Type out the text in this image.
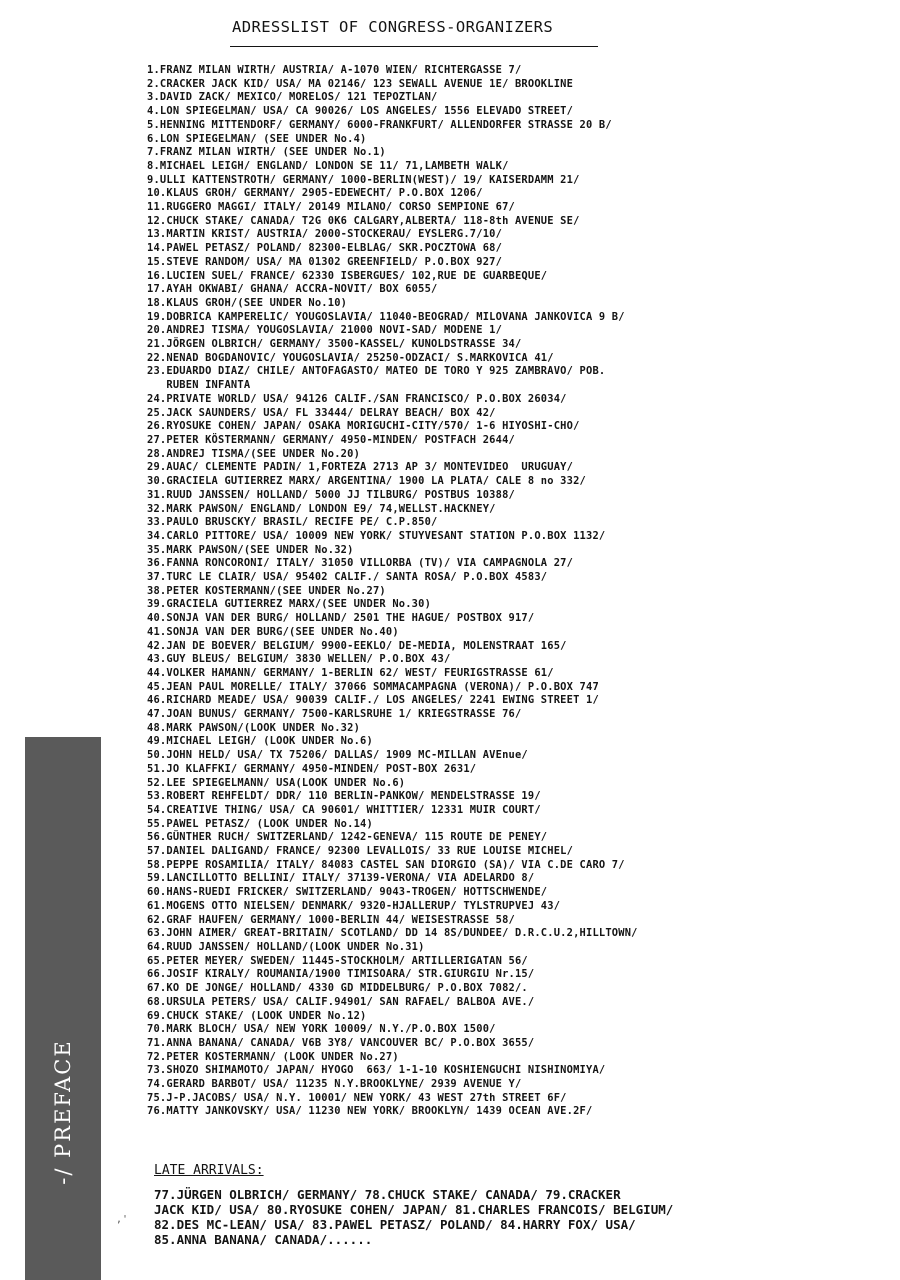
ADRESSLIST OF CONGRESS-ORGANIZERS
1.FRANZ MILAN WIRTH/ AUSTRIA/ A-1070 WIEN/ RICHTERGASSE 7/
2.CRACKER JACK KID/ USA/ MA 02146/ 123 SEWALL AVENUE 1E/ BROOKLINE
3.DAVID ZACK/ MEXICO/ MORELOS/ 121 TEPOZTLAN/
4.LON SPIEGELMAN/ USA/ CA 90026/ LOS ANGELES/ 1556 ELEVADO STREET/
5.HENNING MITTENDORF/ GERMANY/ 6000-FRANKFURT/ ALLENDORFER STRASSE 20 B/
6.LON SPIEGELMAN/ (SEE UNDER No.4)
7.FRANZ MILAN WIRTH/ (SEE UNDER No.1)
8.MICHAEL LEIGH/ ENGLAND/ LONDON SE 11/ 71,LAMBETH WALK/
9.ULLI KATTENSTROTH/ GERMANY/ 1000-BERLIN(WEST)/ 19/ KAISERDAMM 21/
10.KLAUS GROH/ GERMANY/ 2905-EDEWECHT/ P.O.BOX 1206/
11.RUGGERO MAGGI/ ITALY/ 20149 MILANO/ CORSO SEMPIONE 67/
12.CHUCK STAKE/ CANADA/ T2G 0K6 CALGARY,ALBERTA/ 118-8th AVENUE SE/
13.MARTIN KRIST/ AUSTRIA/ 2000-STOCKERAU/ EYSLERG.7/10/
14.PAWEL PETASZ/ POLAND/ 82300-ELBLAG/ SKR.POCZTOWA 68/
15.STEVE RANDOM/ USA/ MA 01302 GREENFIELD/ P.O.BOX 927/
16.LUCIEN SUEL/ FRANCE/ 62330 ISBERGUES/ 102,RUE DE GUARBEQUE/
17.AYAH OKWABI/ GHANA/ ACCRA-NOVIT/ BOX 6055/
18.KLAUS GROH/(SEE UNDER No.10)
19.DOBRICA KAMPERELIC/ YOUGOSLAVIA/ 11040-BEOGRAD/ MILOVANA JANKOVICA 9 B/
20.ANDREJ TISMA/ YOUGOSLAVIA/ 21000 NOVI-SAD/ MODENE 1/
21.JÖRGEN OLBRICH/ GERMANY/ 3500-KASSEL/ KUNOLDSTRASSE 34/
22.NENAD BOGDANOVIC/ YOUGOSLAVIA/ 25250-ODZACI/ S.MARKOVICA 41/
23.EDUARDO DIAZ/ CHILE/ ANTOFAGASTO/ MATEO DE TORO Y 925 ZAMBRAVO/ POB.
RUBEN INFANTA
24.PRIVATE WORLD/ USA/ 94126 CALIF./SAN FRANCISCO/ P.O.BOX 26034/
25.JACK SAUNDERS/ USA/ FL 33444/ DELRAY BEACH/ BOX 42/
26.RYOSUKE COHEN/ JAPAN/ OSAKA MORIGUCHI-CITY/570/ 1-6 HIYOSHI-CHO/
27.PETER KÖSTERMANN/ GERMANY/ 4950-MINDEN/ POSTFACH 2644/
28.ANDREJ TISMA/(SEE UNDER No.20)
29.AUAC/ CLEMENTE PADIN/ 1,FORTEZA 2713 AP 3/ MONTEVIDEO  URUGUAY/
30.GRACIELA GUTIERREZ MARX/ ARGENTINA/ 1900 LA PLATA/ CALE 8 no 332/
31.RUUD JANSSEN/ HOLLAND/ 5000 JJ TILBURG/ POSTBUS 10388/
32.MARK PAWSON/ ENGLAND/ LONDON E9/ 74,WELLST.HACKNEY/
33.PAULO BRUSCKY/ BRASIL/ RECIFE PE/ C.P.850/
34.CARLO PITTORE/ USA/ 10009 NEW YORK/ STUYVESANT STATION P.O.BOX 1132/
35.MARK PAWSON/(SEE UNDER No.32)
36.FANNA RONCORONI/ ITALY/ 31050 VILLORBA (TV)/ VIA CAMPAGNOLA 27/
37.TURC LE CLAIR/ USA/ 95402 CALIF./ SANTA ROSA/ P.O.BOX 4583/
38.PETER KOSTERMANN/(SEE UNDER No.27)
39.GRACIELA GUTIERREZ MARX/(SEE UNDER No.30)
40.SONJA VAN DER BURG/ HOLLAND/ 2501 THE HAGUE/ POSTBOX 917/
41.SONJA VAN DER BURG/(SEE UNDER No.40)
42.JAN DE BOEVER/ BELGIUM/ 9900-EEKLO/ DE-MEDIA, MOLENSTRAAT 165/
43.GUY BLEUS/ BELGIUM/ 3830 WELLEN/ P.O.BOX 43/
44.VOLKER HAMANN/ GERMANY/ 1-BERLIN 62/ WEST/ FEURIGSTRASSE 61/
45.JEAN PAUL MORELLE/ ITALY/ 37066 SOMMACAMPAGNA (VERONA)/ P.O.BOX 747
46.RICHARD MEADE/ USA/ 90039 CALIF./ LOS ANGELES/ 2241 EWING STREET 1/
47.JOAN BUNUS/ GERMANY/ 7500-KARLSRUHE 1/ KRIEGSTRASSE 76/
48.MARK PAWSON/(LOOK UNDER No.32)
49.MICHAEL LEIGH/ (LOOK UNDER No.6)
50.JOHN HELD/ USA/ TX 75206/ DALLAS/ 1909 MC-MILLAN AVEnue/
51.JO KLAFFKI/ GERMANY/ 4950-MINDEN/ POST-BOX 2631/
52.LEE SPIEGELMANN/ USA(LOOK UNDER No.6)
53.ROBERT REHFELDT/ DDR/ 110 BERLIN-PANKOW/ MENDELSTRASSE 19/
54.CREATIVE THING/ USA/ CA 90601/ WHITTIER/ 12331 MUIR COURT/
55.PAWEL PETASZ/ (LOOK UNDER No.14)
56.GÜNTHER RUCH/ SWITZERLAND/ 1242-GENEVA/ 115 ROUTE DE PENEY/
57.DANIEL DALIGAND/ FRANCE/ 92300 LEVALLOIS/ 33 RUE LOUISE MICHEL/
58.PEPPE ROSAMILIA/ ITALY/ 84083 CASTEL SAN DIORGIO (SA)/ VIA C.DE CARO 7/
59.LANCILLOTTO BELLINI/ ITALY/ 37139-VERONA/ VIA ADELARDO 8/
60.HANS-RUEDI FRICKER/ SWITZERLAND/ 9043-TROGEN/ HOTTSCHWENDE/
61.MOGENS OTTO NIELSEN/ DENMARK/ 9320-HJALLERUP/ TYLSTRUPVEJ 43/
62.GRAF HAUFEN/ GERMANY/ 1000-BERLIN 44/ WEISESTRASSE 58/
63.JOHN AIMER/ GREAT-BRITAIN/ SCOTLAND/ DD 14 8S/DUNDEE/ D.R.C.U.2,HILLTOWN/
64.RUUD JANSSEN/ HOLLAND/(LOOK UNDER No.31)
65.PETER MEYER/ SWEDEN/ 11445-STOCKHOLM/ ARTILLERIGATAN 56/
66.JOSIF KIRALY/ ROUMANIA/1900 TIMISOARA/ STR.GIURGIU Nr.15/
67.KO DE JONGE/ HOLLAND/ 4330 GD MIDDELBURG/ P.O.BOX 7082/.
68.URSULA PETERS/ USA/ CALIF.94901/ SAN RAFAEL/ BALBOA AVE./
69.CHUCK STAKE/ (LOOK UNDER No.12)
70.MARK BLOCH/ USA/ NEW YORK 10009/ N.Y./P.O.BOX 1500/
71.ANNA BANANA/ CANADA/ V6B 3Y8/ VANCOUVER BC/ P.O.BOX 3655/
72.PETER KOSTERMANN/ (LOOK UNDER No.27)
73.SHOZO SHIMAMOTO/ JAPAN/ HYOGO  663/ 1-1-10 KOSHIENGUCHI NISHINOMIYA/
74.GERARD BARBOT/ USA/ 11235 N.Y.BROOKLYNE/ 2939 AVENUE Y/
75.J-P.JACOBS/ USA/ N.Y. 10001/ NEW YORK/ 43 WEST 27th STREET 6F/
76.MATTY JANKOVSKY/ USA/ 11230 NEW YORK/ BROOKLYN/ 1439 OCEAN AVE.2F/
LATE ARRIVALS:
77.JÜRGEN OLBRICH/ GERMANY/ 78.CHUCK STAKE/ CANADA/ 79.CRACKER
JACK KID/ USA/ 80.RYOSUKE COHEN/ JAPAN/ 81.CHARLES FRANCOIS/ BELGIUM/
82.DES MC-LEAN/ USA/ 83.PAWEL PETASZ/ POLAND/ 84.HARRY FOX/ USA/
85.ANNA BANANA/ CANADA/......
-/ PREFACE
,'
